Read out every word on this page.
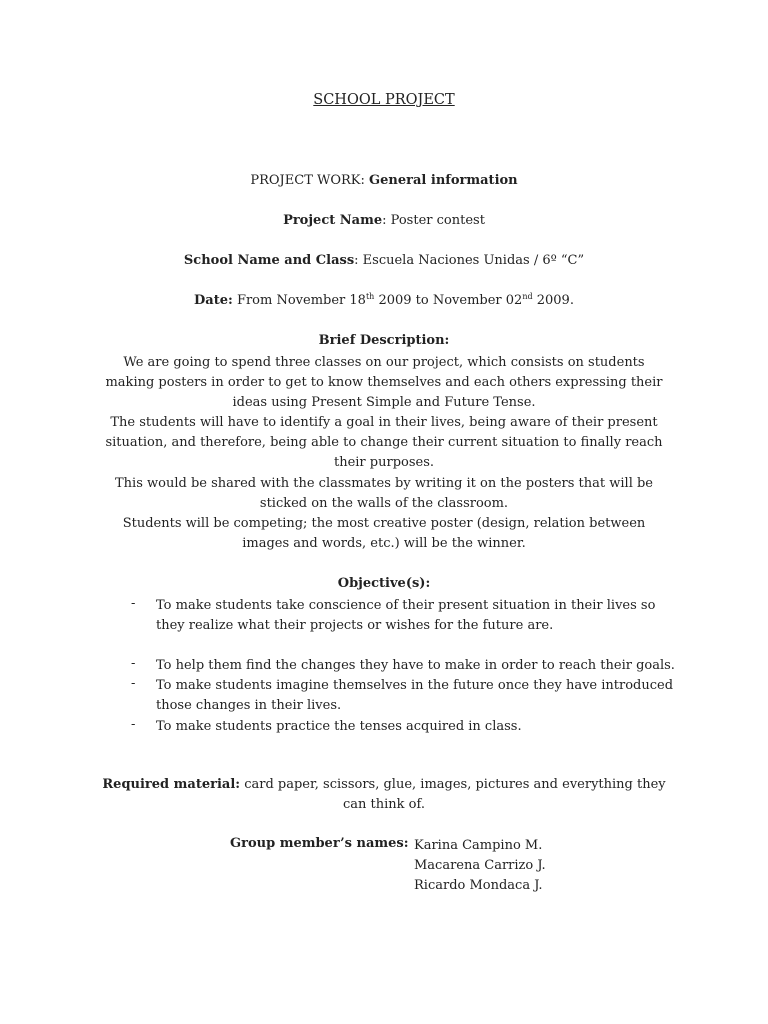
SCHOOL PROJECT
PROJECT WORK: General information
Project Name: Poster contest
School Name and Class: Escuela Naciones Unidas / 6º “C”
Date: From November 18th 2009 to November 02nd 2009.
Brief Description:

We are going to spend three classes on our project, which consists on students making posters in order to get to know themselves and each others expressing their ideas using Present Simple and Future Tense.

The students will have to identify a goal in their lives, being aware of their present situation, and therefore, being able to change their current situation to finally reach their purposes.

This would be shared with the classmates by writing it on the posters that will be sticked on the walls of the classroom.

Students will be competing; the most creative poster (design, relation between images and words, etc.) will be the winner.

Objective(s):
- To make students take conscience of their present situation in their lives so they realize what their projects or wishes for the future are.
- To help them find the changes they have to make in order to reach their goals.
- To make students imagine themselves in the future once they have introduced those changes in their lives.
- To make students practice the tenses acquired in class.
Required material: card paper, scissors, glue, images, pictures and everything they can think of.
Group member’s names: Karina Campino M.
Macarena Carrizo J.
Ricardo Mondaca J.
